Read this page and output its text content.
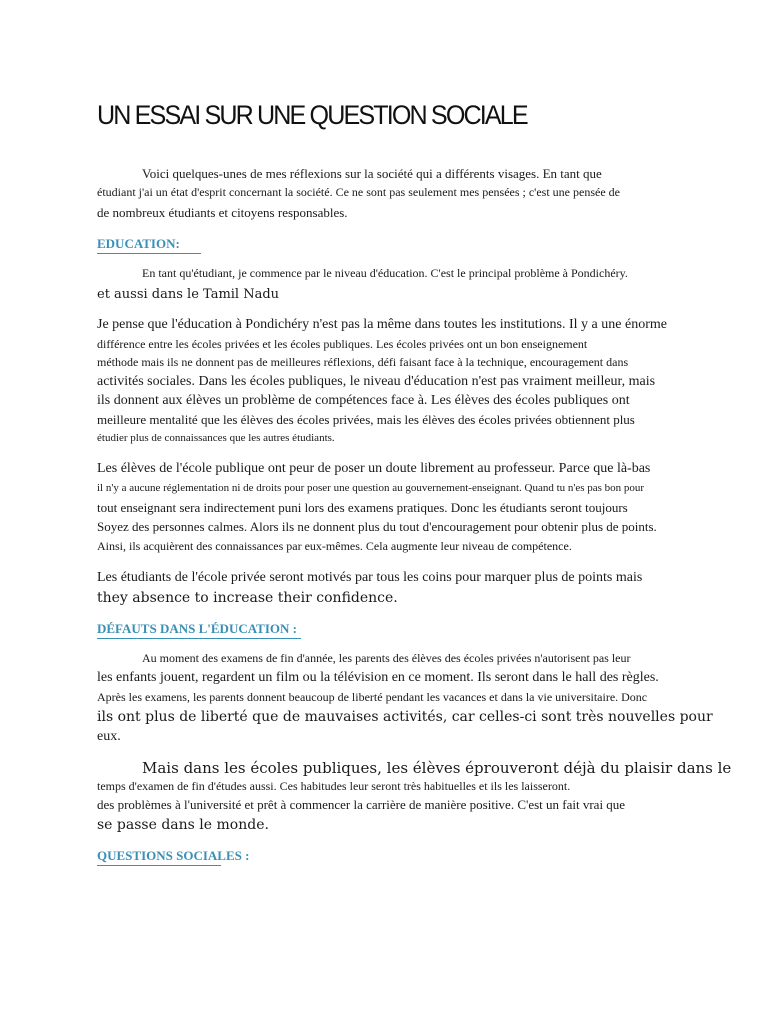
UN ESSAI SUR UNE QUESTION SOCIALE
Voici quelques-unes de mes réflexions sur la société qui a différents visages. En tant que
étudiant j'ai un état d'esprit concernant la société. Ce ne sont pas seulement mes pensées ; c'est une pensée de
de nombreux étudiants et citoyens responsables.
EDUCATION:
En tant qu'étudiant, je commence par le niveau d'éducation. C'est le principal problème à Pondichéry.
et aussi dans le Tamil Nadu
Je pense que l'éducation à Pondichéry n'est pas la même dans toutes les institutions. Il y a une énorme
différence entre les écoles privées et les écoles publiques. Les écoles privées ont un bon enseignement
méthode mais ils ne donnent pas de meilleures réflexions, défi faisant face à la technique, encouragement dans
activités sociales. Dans les écoles publiques, le niveau d'éducation n'est pas vraiment meilleur, mais
ils donnent aux élèves un problème de compétences face à. Les élèves des écoles publiques ont
meilleure mentalité que les élèves des écoles privées, mais les élèves des écoles privées obtiennent plus
étudier plus de connaissances que les autres étudiants.
Les élèves de l'école publique ont peur de poser un doute librement au professeur. Parce que là-bas
il n'y a aucune réglementation ni de droits pour poser une question au gouvernement-enseignant. Quand tu n'es pas bon pour
tout enseignant sera indirectement puni lors des examens pratiques. Donc les étudiants seront toujours
Soyez des personnes calmes. Alors ils ne donnent plus du tout d'encouragement pour obtenir plus de points.
Ainsi, ils acquièrent des connaissances par eux-mêmes. Cela augmente leur niveau de compétence.
Les étudiants de l'école privée seront motivés par tous les coins pour marquer plus de points mais
they absence to increase their confidence.
DÉFAUTS DANS L'ÉDUCATION :
Au moment des examens de fin d'année, les parents des élèves des écoles privées n'autorisent pas leur
les enfants jouent, regardent un film ou la télévision en ce moment. Ils seront dans le hall des règles.
Après les examens, les parents donnent beaucoup de liberté pendant les vacances et dans la vie universitaire. Donc
ils ont plus de liberté que de mauvaises activités, car celles-ci sont très nouvelles pour
eux.
Mais dans les écoles publiques, les élèves éprouveront déjà du plaisir dans le
temps d'examen de fin d'études aussi. Ces habitudes leur seront très habituelles et ils les laisseront.
des problèmes à l'université et prêt à commencer la carrière de manière positive. C'est un fait vrai que
se passe dans le monde.
QUESTIONS SOCIALES :
